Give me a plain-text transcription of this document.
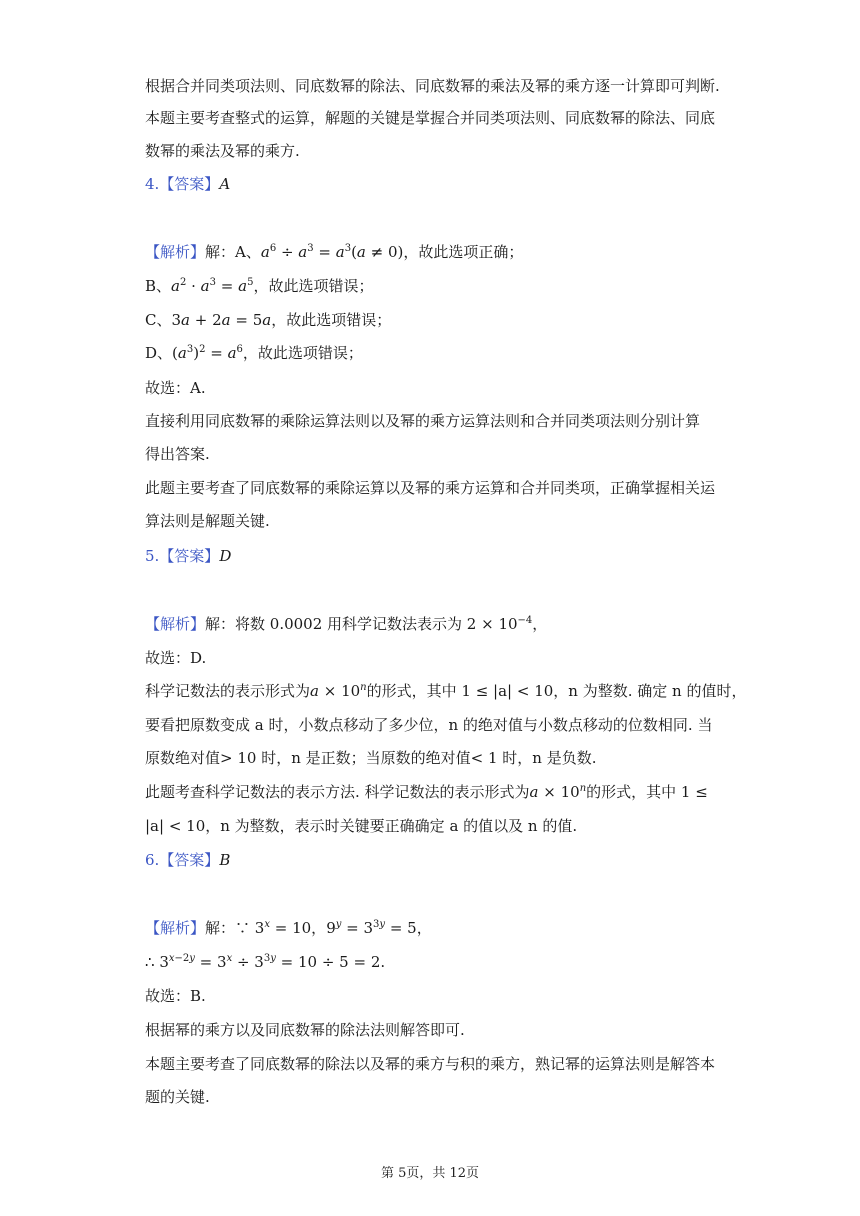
根据合并同类项法则、同底数幂的除法、同底数幂的乘法及幂的乘方逐一计算即可判断.
本题主要考查整式的运算，解题的关键是掌握合并同类项法则、同底数幂的除法、同底
数幂的乘法及幂的乘方.
4.【答案】A
【解析】解：A、$a^6 \div a^3 = a^3(a \ne 0)$，故此选项正确；
B、$a^2 \cdot a^3 = a^5$，故此选项错误；
C、3a + 2a = 5a，故此选项错误；
D、$(a^3)^2 = a^6$，故此选项错误；
故选：A.
直接利用同底数幂的乘除运算法则以及幂的乘方运算法则和合并同类项法则分别计算
得出答案.
此题主要考查了同底数幂的乘除运算以及幂的乘方运算和合并同类项，正确掌握相关运
算法则是解题关键.
5.【答案】D
【解析】解：将数 0.0002 用科学记数法表示为 $2 \times 10^{-4}$，
故选：D.
科学记数法的表示形式为$a \times 10^n$的形式，其中 1 ≤ |a| < 10，n 为整数. 确定 n 的值时，
要看把原数变成 a 时，小数点移动了多少位，n 的绝对值与小数点移动的位数相同. 当
原数绝对值> 10 时，n 是正数；当原数的绝对值< 1 时，n 是负数.
此题考查科学记数法的表示方法. 科学记数法的表示形式为$a \times 10^n$的形式，其中 1 ≤
|a| < 10，n 为整数，表示时关键要正确确定 a 的值以及 n 的值.
6.【答案】B
【解析】解：∵ $3^x = 10$，$9^y = 3^{3y} = 5$，
∴ $3^{x-2y} = 3^x \div 3^{3y} = 10 \div 5 = 2$.
故选：B.
根据幂的乘方以及同底数幂的除法法则解答即可.
本题主要考查了同底数幂的除法以及幂的乘方与积的乘方，熟记幂的运算法则是解答本
题的关键.
第 5页，共 12页
